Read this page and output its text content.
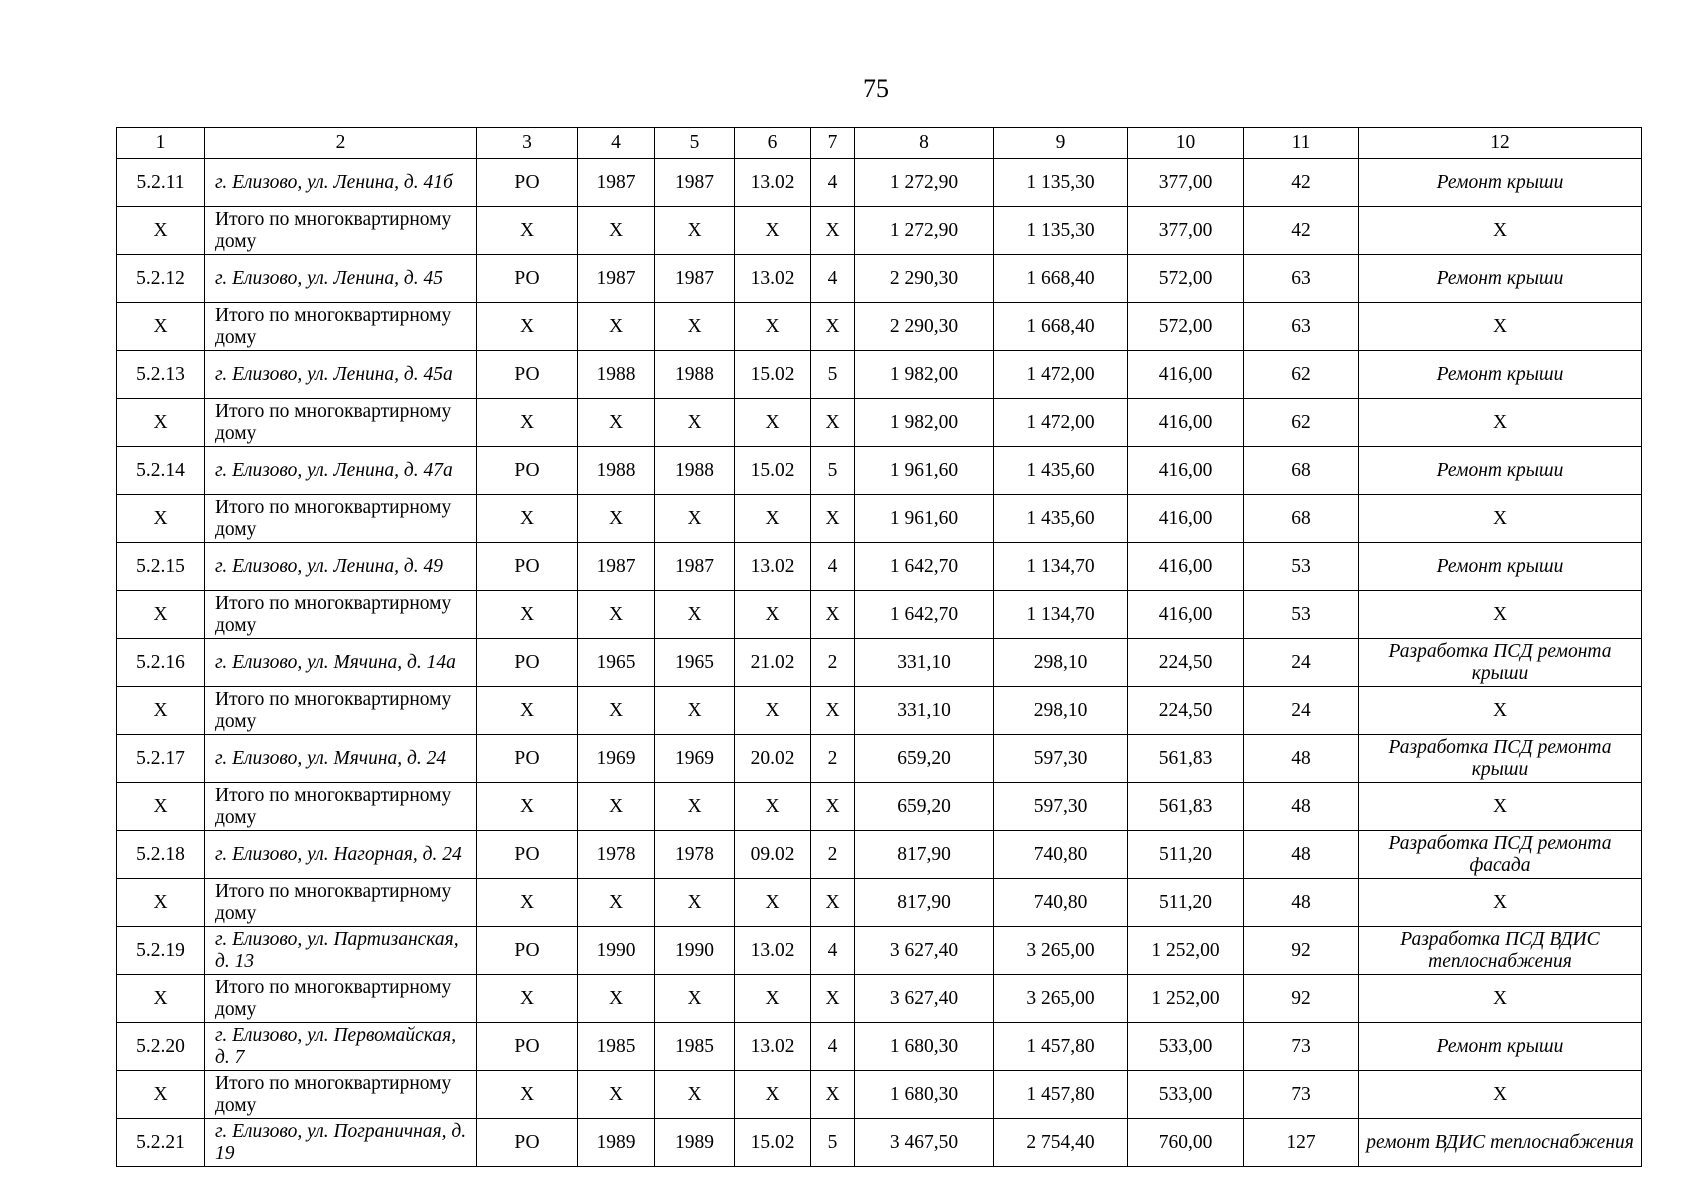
75
1	2	3	4	5	6	7	8	9	10	11	12
5.2.11	г. Елизово, ул. Ленина, д. 41б	РО	1987	1987	13.02	4	1 272,90	1 135,30	377,00	42	Ремонт крыши
X	Итого по многоквартирному дому	X	X	X	X	X	1 272,90	1 135,30	377,00	42	X
5.2.12	г. Елизово, ул. Ленина, д. 45	РО	1987	1987	13.02	4	2 290,30	1 668,40	572,00	63	Ремонт крыши
X	Итого по многоквартирному дому	X	X	X	X	X	2 290,30	1 668,40	572,00	63	X
5.2.13	г. Елизово, ул. Ленина, д. 45а	РО	1988	1988	15.02	5	1 982,00	1 472,00	416,00	62	Ремонт крыши
X	Итого по многоквартирному дому	X	X	X	X	X	1 982,00	1 472,00	416,00	62	X
5.2.14	г. Елизово, ул. Ленина, д. 47а	РО	1988	1988	15.02	5	1 961,60	1 435,60	416,00	68	Ремонт крыши
X	Итого по многоквартирному дому	X	X	X	X	X	1 961,60	1 435,60	416,00	68	X
5.2.15	г. Елизово, ул. Ленина, д. 49	РО	1987	1987	13.02	4	1 642,70	1 134,70	416,00	53	Ремонт крыши
X	Итого по многоквартирному дому	X	X	X	X	X	1 642,70	1 134,70	416,00	53	X
5.2.16	г. Елизово, ул. Мячина, д. 14а	РО	1965	1965	21.02	2	331,10	298,10	224,50	24	Разработка ПСД ремонта крыши
X	Итого по многоквартирному дому	X	X	X	X	X	331,10	298,10	224,50	24	X
5.2.17	г. Елизово, ул. Мячина, д. 24	РО	1969	1969	20.02	2	659,20	597,30	561,83	48	Разработка ПСД ремонта крыши
X	Итого по многоквартирному дому	X	X	X	X	X	659,20	597,30	561,83	48	X
5.2.18	г. Елизово, ул. Нагорная, д. 24	РО	1978	1978	09.02	2	817,90	740,80	511,20	48	Разработка ПСД ремонта фасада
X	Итого по многоквартирному дому	X	X	X	X	X	817,90	740,80	511,20	48	X
5.2.19	г. Елизово, ул. Партизанская, д. 13	РО	1990	1990	13.02	4	3 627,40	3 265,00	1 252,00	92	Разработка ПСД ВДИС теплоснабжения
X	Итого по многоквартирному дому	X	X	X	X	X	3 627,40	3 265,00	1 252,00	92	X
5.2.20	г. Елизово, ул. Первомайская, д. 7	РО	1985	1985	13.02	4	1 680,30	1 457,80	533,00	73	Ремонт крыши
X	Итого по многоквартирному дому	X	X	X	X	X	1 680,30	1 457,80	533,00	73	X
5.2.21	г. Елизово, ул. Пограничная, д. 19	РО	1989	1989	15.02	5	3 467,50	2 754,40	760,00	127	ремонт ВДИС теплоснабжения
